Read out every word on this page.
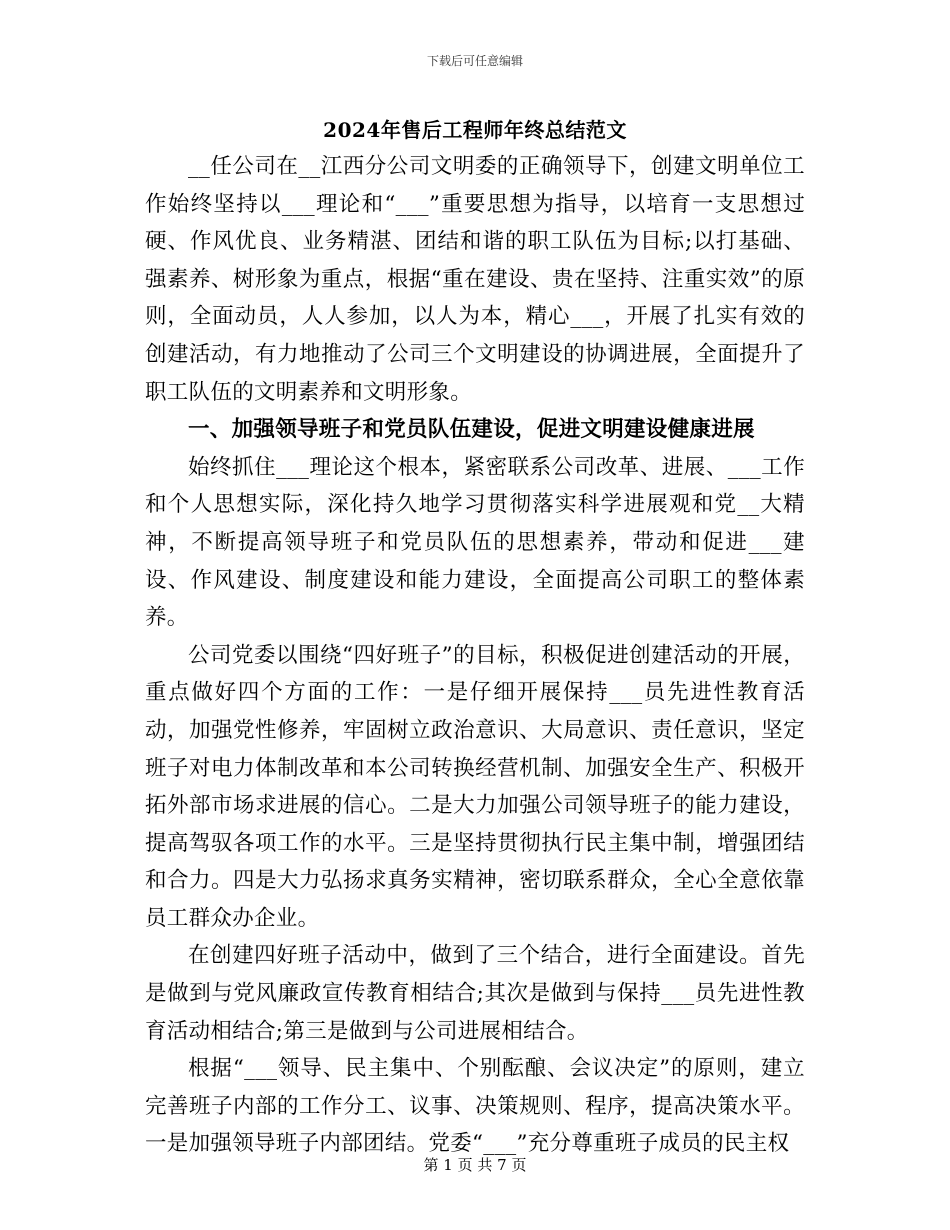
下载后可任意编辑
2024年售后工程师年终总结范文

__任公司在__江西分公司文明委的正确领导下，创建文明单位工作始终坚持以___理论和“___”重要思想为指导，以培育一支思想过硬、作风优良、业务精湛、团结和谐的职工队伍为目标;以打基础、强素养、树形象为重点，根据“重在建设、贵在坚持、注重实效”的原则，全面动员，人人参加，以人为本，精心___，开展了扎实有效的创建活动，有力地推动了公司三个文明建设的协调进展，全面提升了职工队伍的文明素养和文明形象。

一、加强领导班子和党员队伍建设，促进文明建设健康进展

始终抓住___理论这个根本，紧密联系公司改革、进展、___工作和个人思想实际，深化持久地学习贯彻落实科学进展观和党__大精神，不断提高领导班子和党员队伍的思想素养，带动和促进___建设、作风建设、制度建设和能力建设，全面提高公司职工的整体素养。

公司党委以围绕“四好班子”的目标，积极促进创建活动的开展，重点做好四个方面的工作：一是仔细开展保持___员先进性教育活动，加强党性修养，牢固树立政治意识、大局意识、责任意识，坚定班子对电力体制改革和本公司转换经营机制、加强安全生产、积极开拓外部市场求进展的信心。二是大力加强公司领导班子的能力建设，提高驾驭各项工作的水平。三是坚持贯彻执行民主集中制，增强团结和合力。四是大力弘扬求真务实精神，密切联系群众，全心全意依靠员工群众办企业。

在创建四好班子活动中，做到了三个结合，进行全面建设。首先是做到与党风廉政宣传教育相结合;其次是做到与保持___员先进性教育活动相结合;第三是做到与公司进展相结合。

根据“___领导、民主集中、个别酝酿、会议决定”的原则，建立完善班子内部的工作分工、议事、决策规则、程序，提高决策水平。一是加强领导班子内部团结。党委“___”充分尊重班子成员的民主权

第 1 页 共 7 页
